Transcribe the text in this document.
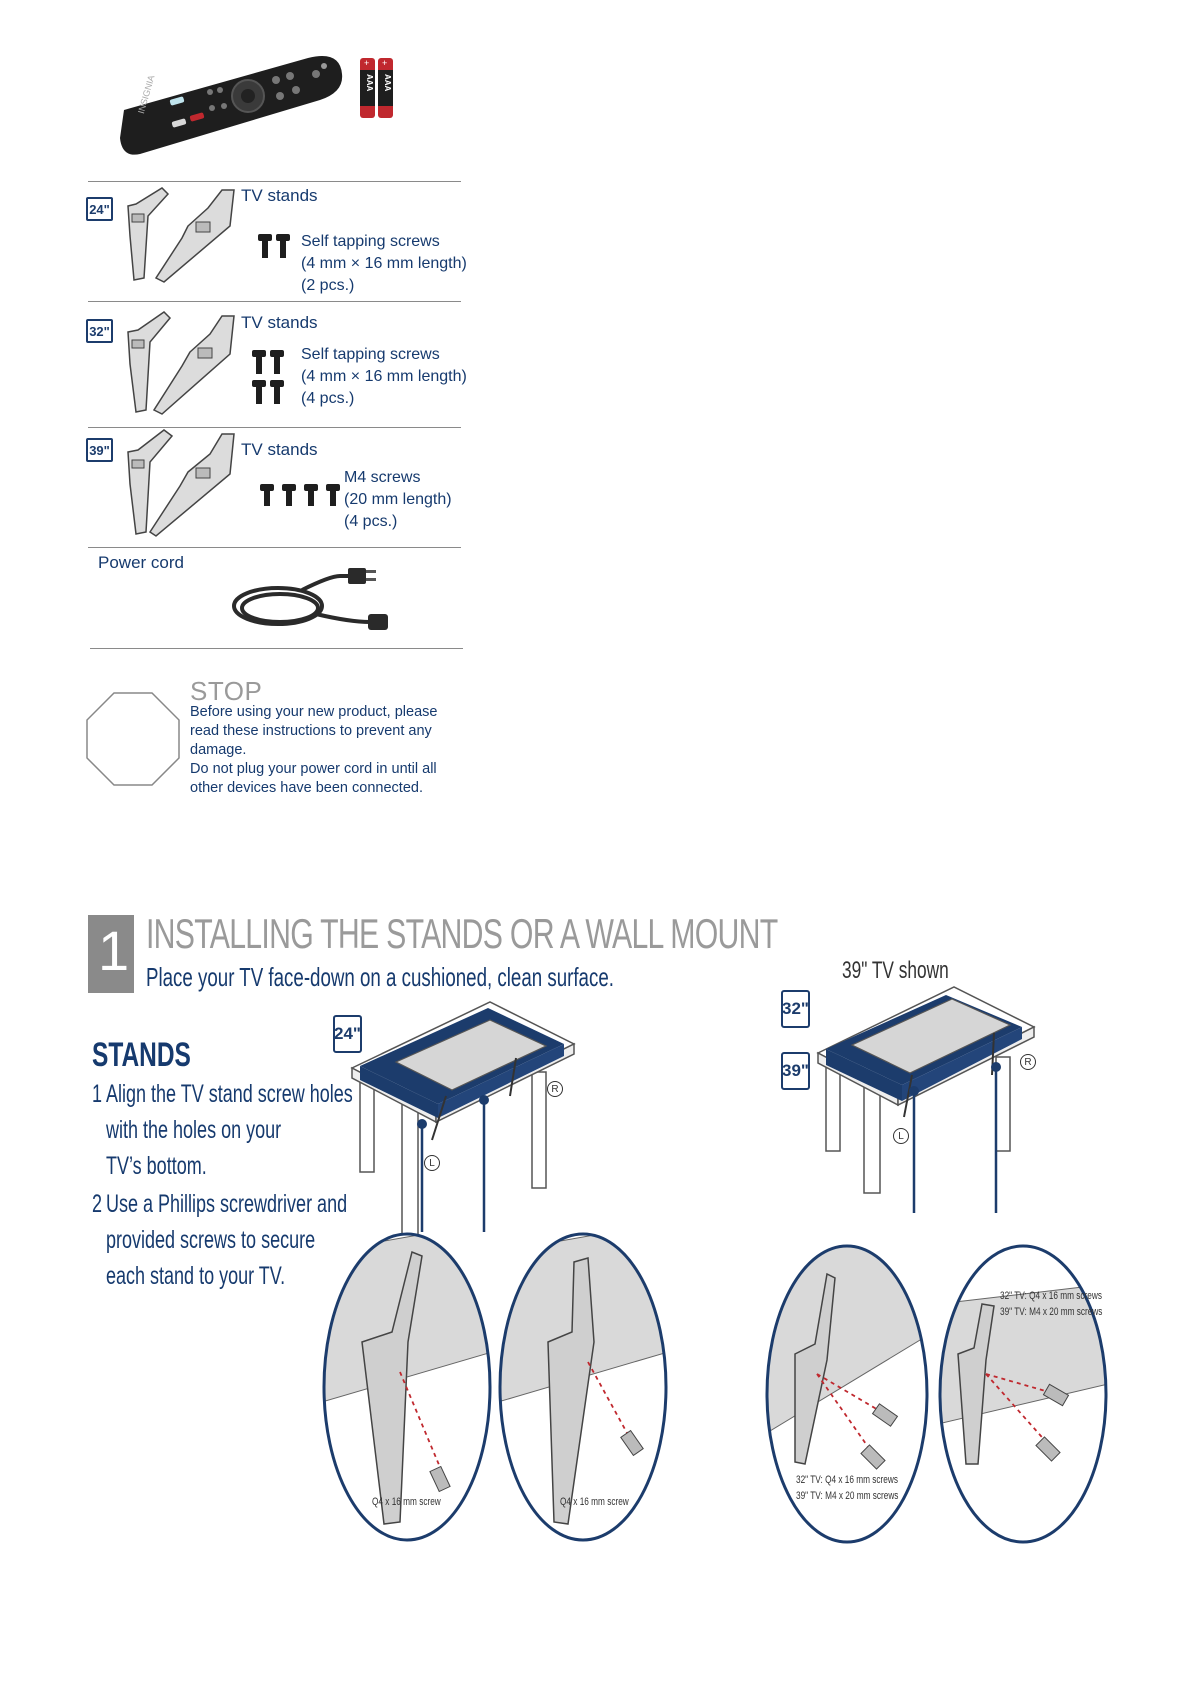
INSIGNIA
+ +
AAA AAA
24"
TV stands
Self tapping screws
(4 mm × 16 mm length)
(2 pcs.)
32"	TV stands
Self tapping screws
(4 mm × 16 mm length)
(4 pcs.)
39"	TV stands
M4 screws
(20 mm length)
(4 pcs.)
Power cord
STOP
Before using your new product, please
read these instructions to prevent any
damage.
Do not plug your power cord in until all
other devices have been connected.
1 INSTALLING THE STANDS OR A WALL MOUNT
Place your TV face-down on a cushioned, clean surface.
STANDS
1 Align the TV stand screw holes
with the holes on your
TV’s bottom.
2 Use a Phillips screwdriver and
provided screws to secure
each stand to your TV.
24"
L
R
Q4 x 16 mm screw	Q4 x 16 mm screw
39" TV shown
32"
39"
L
R
32" TV: Q4 x 16 mm screws
39" TV: M4 x 20 mm screws
32" TV: Q4 x 16 mm screws
39" TV: M4 x 20 mm screws
